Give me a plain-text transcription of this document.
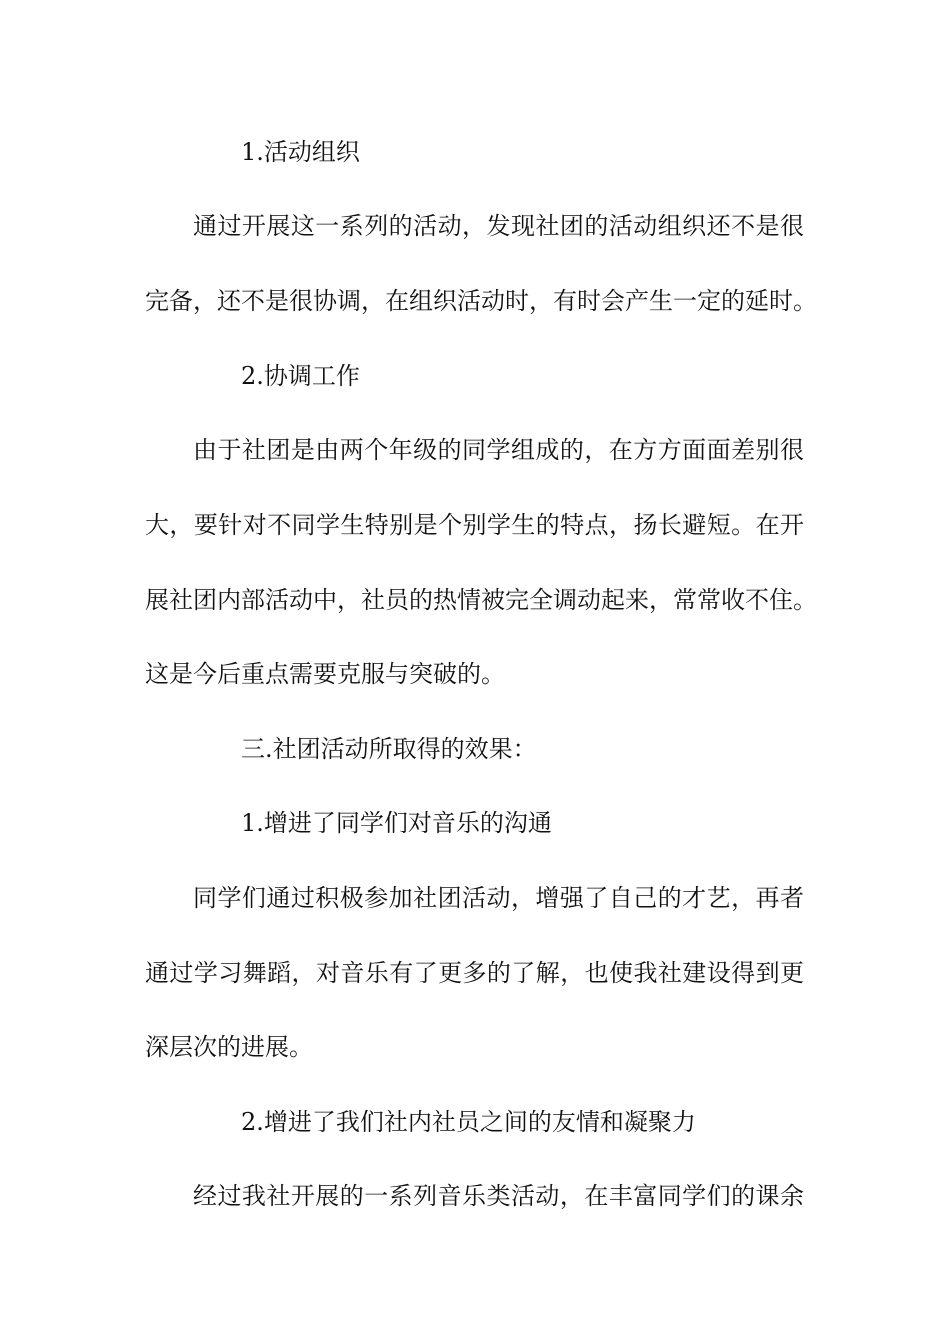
1.活动组织

通过开展这一系列的活动，发现社团的活动组织还不是很

完备，还不是很协调，在组织活动时，有时会产生一定的延时。

2.协调工作

由于社团是由两个年级的同学组成的，在方方面面差别很

大，要针对不同学生特别是个别学生的特点，扬长避短。在开

展社团内部活动中，社员的热情被完全调动起来，常常收不住。

这是今后重点需要克服与突破的。

三.社团活动所取得的效果：

1.增进了同学们对音乐的沟通

同学们通过积极参加社团活动，增强了自己的才艺，再者

通过学习舞蹈，对音乐有了更多的了解，也使我社建设得到更

深层次的进展。

2.增进了我们社内社员之间的友情和凝聚力

经过我社开展的一系列音乐类活动，在丰富同学们的课余
